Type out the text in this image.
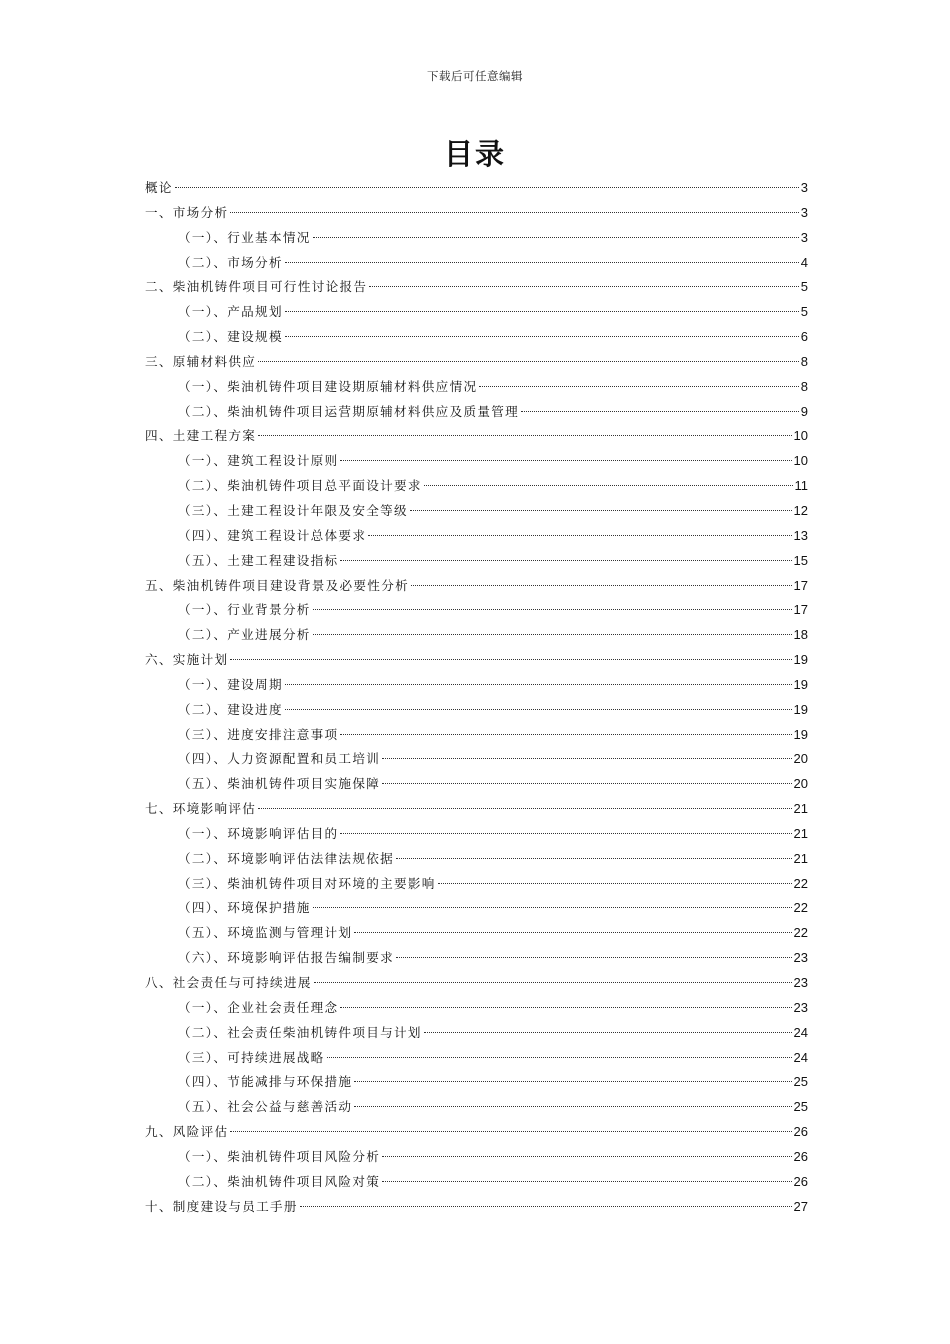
下载后可任意编辑
目录
概论	3
一、市场分析	3
（一）、行业基本情况	3
（二）、市场分析	4
二、柴油机铸件项目可行性讨论报告	5
（一）、产品规划	5
（二）、建设规模	6
三、原辅材料供应	8
（一）、柴油机铸件项目建设期原辅材料供应情况	8
（二）、柴油机铸件项目运营期原辅材料供应及质量管理	9
四、土建工程方案	10
（一）、建筑工程设计原则	10
（二）、柴油机铸件项目总平面设计要求	11
（三）、土建工程设计年限及安全等级	12
（四）、建筑工程设计总体要求	13
（五）、土建工程建设指标	15
五、柴油机铸件项目建设背景及必要性分析	17
（一）、行业背景分析	17
（二）、产业进展分析	18
六、实施计划	19
（一）、建设周期	19
（二）、建设进度	19
（三）、进度安排注意事项	19
（四）、人力资源配置和员工培训	20
（五）、柴油机铸件项目实施保障	20
七、环境影响评估	21
（一）、环境影响评估目的	21
（二）、环境影响评估法律法规依据	21
（三）、柴油机铸件项目对环境的主要影响	22
（四）、环境保护措施	22
（五）、环境监测与管理计划	22
（六）、环境影响评估报告编制要求	23
八、社会责任与可持续进展	23
（一）、企业社会责任理念	23
（二）、社会责任柴油机铸件项目与计划	24
（三）、可持续进展战略	24
（四）、节能减排与环保措施	25
（五）、社会公益与慈善活动	25
九、风险评估	26
（一）、柴油机铸件项目风险分析	26
（二）、柴油机铸件项目风险对策	26
十、制度建设与员工手册	27
